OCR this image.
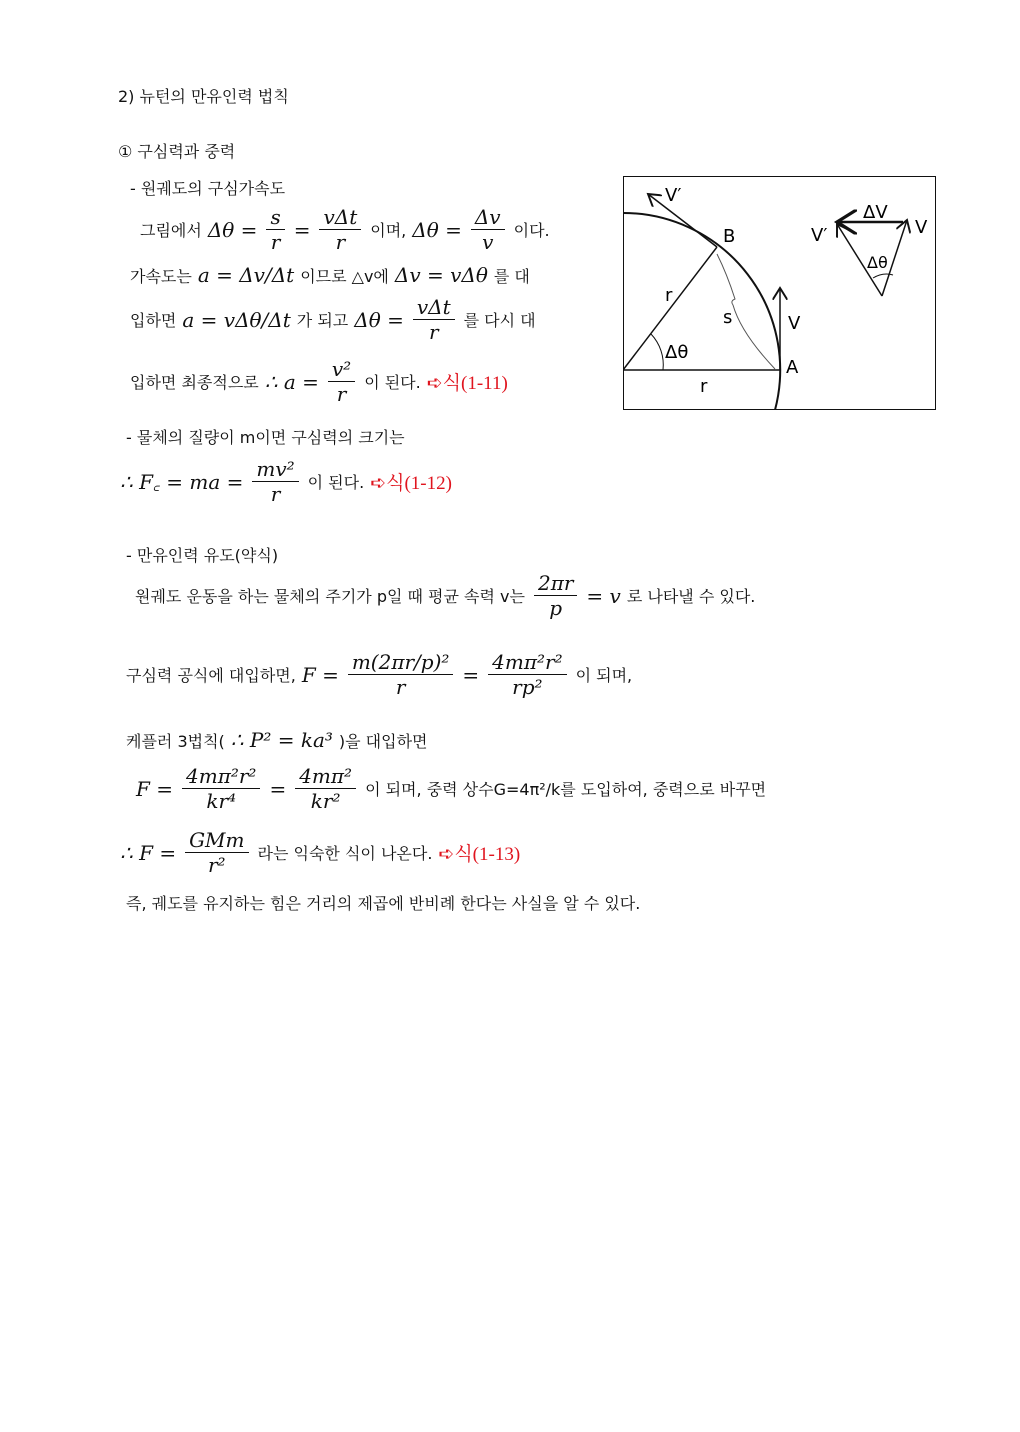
2) 뉴턴의 만유인력 법칙
① 구심력과 중력
- 원궤도의 구심가속도
그림에서 $\Delta\theta = \frac{s}{r} = \frac{\text{vΔt}}{r}$ 이며, $\Delta\theta = \frac{\Delta v}{v}$ 이다.
가속도는 a = Δv/Δt 이므로 △v에 Δv = vΔθ 를 대
입하면 a = vΔθ/Δt 가 되고 $\Delta\theta = \frac{\text{vΔt}}{r}$ 를 다시 대
입하면 최종적으로 ∴ $a = \frac{\text{v²}}{r}$ 이 된다. ➪식(1-11)
- 물체의 질량이 m이면 구심력의 크기는
∴ F꜀ = ma = $\frac{\text{mv²}}{r}$ 이 된다. ➪식(1-12)
- 만유인력 유도(약식)
원궤도 운동을 하는 물체의 주기가 p일 때 평균 속력 v는 $\frac{2\pi r}{p} = v$ 로 나타낼 수 있다.
구심력 공식에 대입하면, $F = \frac{\text{m(2πr/p)²}}{r} = \frac{\text{4mπ²r²}}{\text{rp²}}$ 이 되며,
케플러 3법칙( ∴ P² = ka³ )을 대입하면
$F = \frac{\text{4mπ²r²}}{\text{kr⁴}} = \frac{\text{4mπ²}}{\text{kr²}}$ 이 되며, 중력 상수G=4π²/k를 도입하여, 중력으로 바꾸면
∴ $F = \frac{\text{GMm}}{\text{r²}}$ 라는 익숙한 식이 나온다. ➪식(1-13)
즉, 궤도를 유지하는 힘은 거리의 제곱에 반비례 한다는 사실을 알 수 있다.
V′
B
r
s	V
Δθ
A
r
ΔV
V′	V
Δθ
